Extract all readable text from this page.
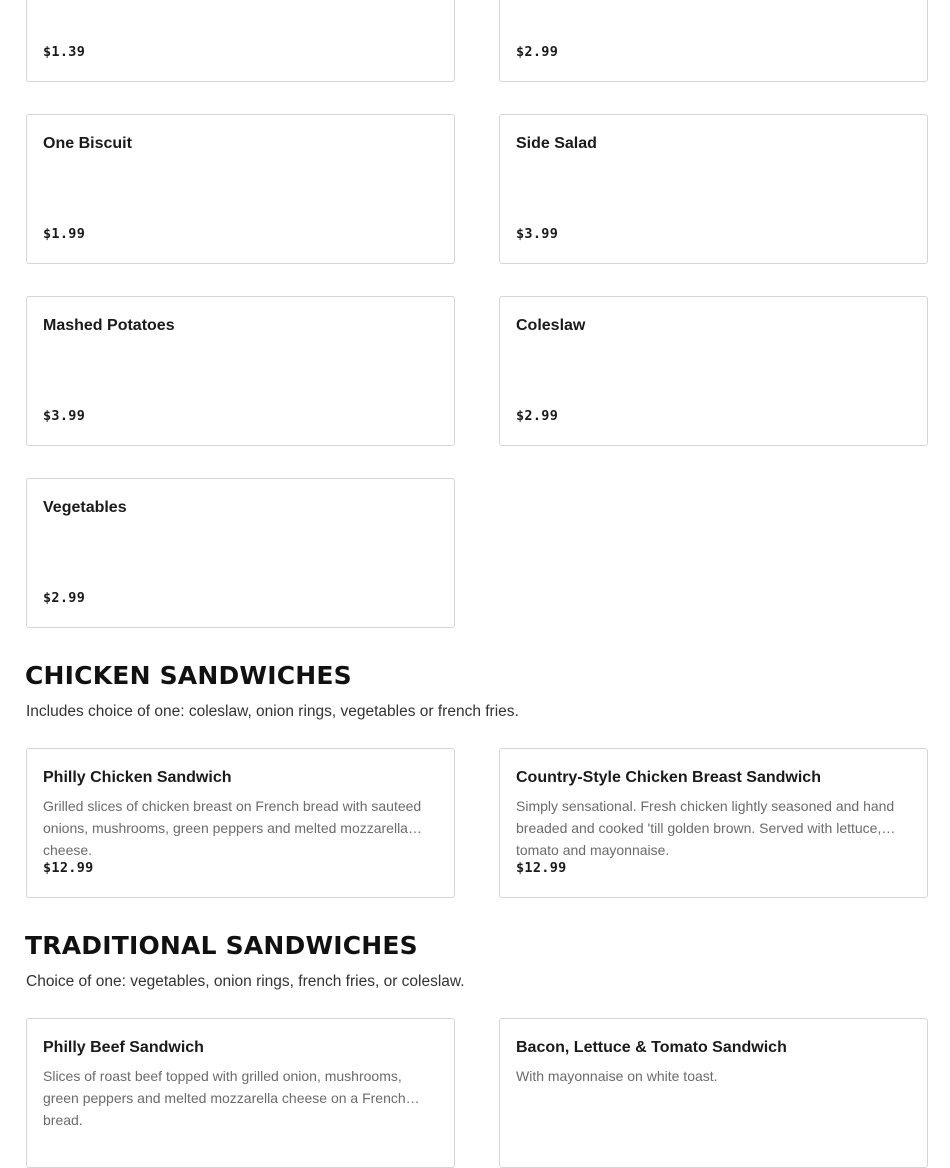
$1.39	$2.99
One Biscuit
$1.99
Side Salad
$3.99
Mashed Potatoes
$3.99
Coleslaw
$2.99
Vegetables
$2.99
CHICKEN SANDWICHES

Includes choice of one: coleslaw, onion rings, vegetables or french fries.

Philly Chicken Sandwich
Grilled slices of chicken breast on French bread with sauteed onions, mushrooms, green peppers and melted mozzarella cheese.
$12.99
Country-Style Chicken Breast Sandwich
Simply sensational. Fresh chicken lightly seasoned and hand breaded and cooked 'till golden brown. Served with lettuce, tomato and mayonnaise.
$12.99
TRADITIONAL SANDWICHES

Choice of one: vegetables, onion rings, french fries, or coleslaw.

Philly Beef Sandwich
Slices of roast beef topped with grilled onion, mushrooms, green peppers and melted mozzarella cheese on a French bread.
Bacon, Lettuce & Tomato Sandwich
With mayonnaise on white toast.
